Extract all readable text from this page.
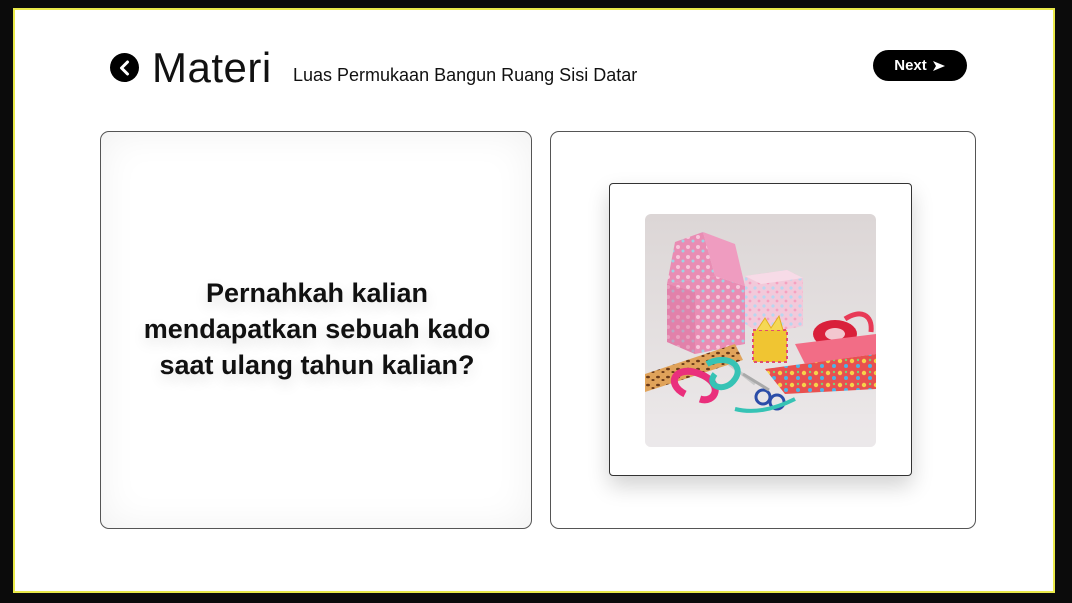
Materi Luas Permukaan Bangun Ruang Sisi Datar	Next
Pernahkah kalian
mendapatkan sebuah kado
saat ulang tahun kalian?
